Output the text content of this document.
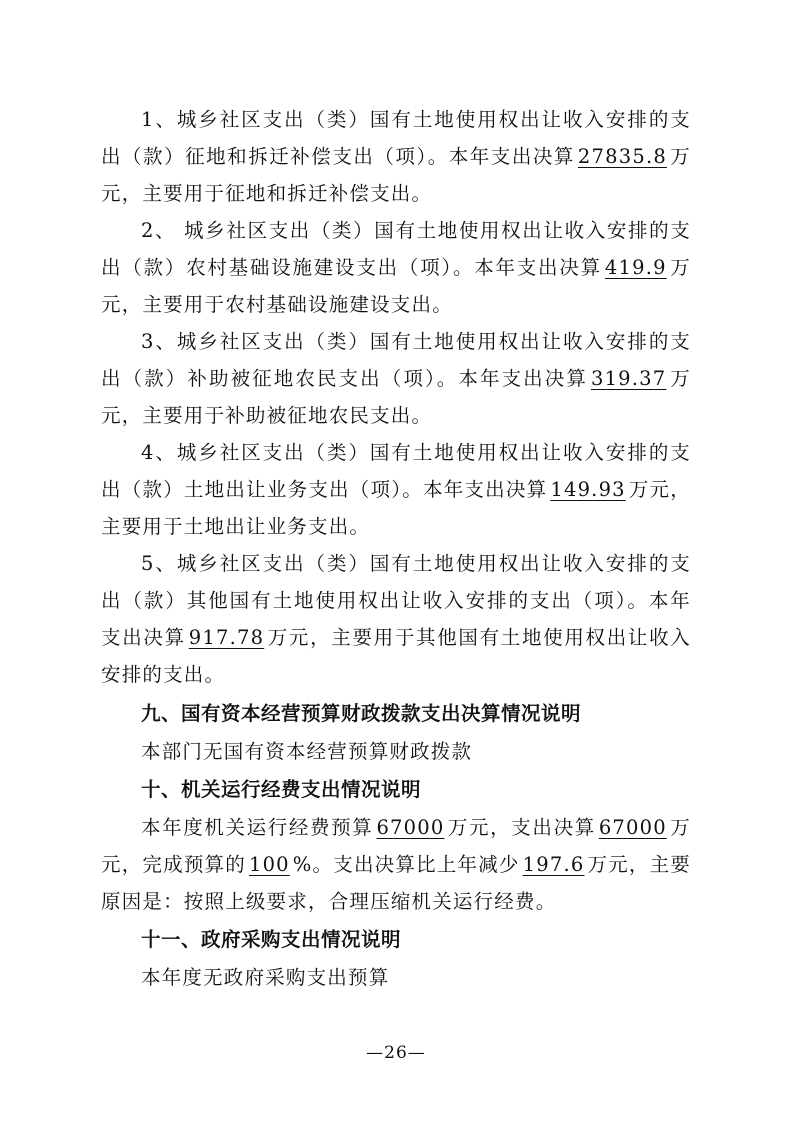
1、城乡社区支出（类）国有土地使用权出让收入安排的支出（款）征地和拆迁补偿支出（项）。本年支出决算 27835.8 万元，主要用于征地和拆迁补偿支出。

2、 城乡社区支出（类）国有土地使用权出让收入安排的支出（款）农村基础设施建设支出（项）。本年支出决算 419.9 万元，主要用于农村基础设施建设支出。

3、城乡社区支出（类）国有土地使用权出让收入安排的支出（款）补助被征地农民支出（项）。本年支出决算 319.37 万元，主要用于补助被征地农民支出。

4、城乡社区支出（类）国有土地使用权出让收入安排的支出（款）土地出让业务支出（项）。本年支出决算 149.93 万元，主要用于土地出让业务支出。

5、城乡社区支出（类）国有土地使用权出让收入安排的支出（款）其他国有土地使用权出让收入安排的支出（项）。本年支出决算 917.78 万元，主要用于其他国有土地使用权出让收入安排的支出。

九、国有资本经营预算财政拨款支出决算情况说明

本部门无国有资本经营预算财政拨款

十、机关运行经费支出情况说明

本年度机关运行经费预算 67000 万元，支出决算 67000 万元，完成预算的 100 %。支出决算比上年减少 197.6 万元，主要原因是：按照上级要求，合理压缩机关运行经费。

十一、政府采购支出情况说明

本年度无政府采购支出预算

—26—
